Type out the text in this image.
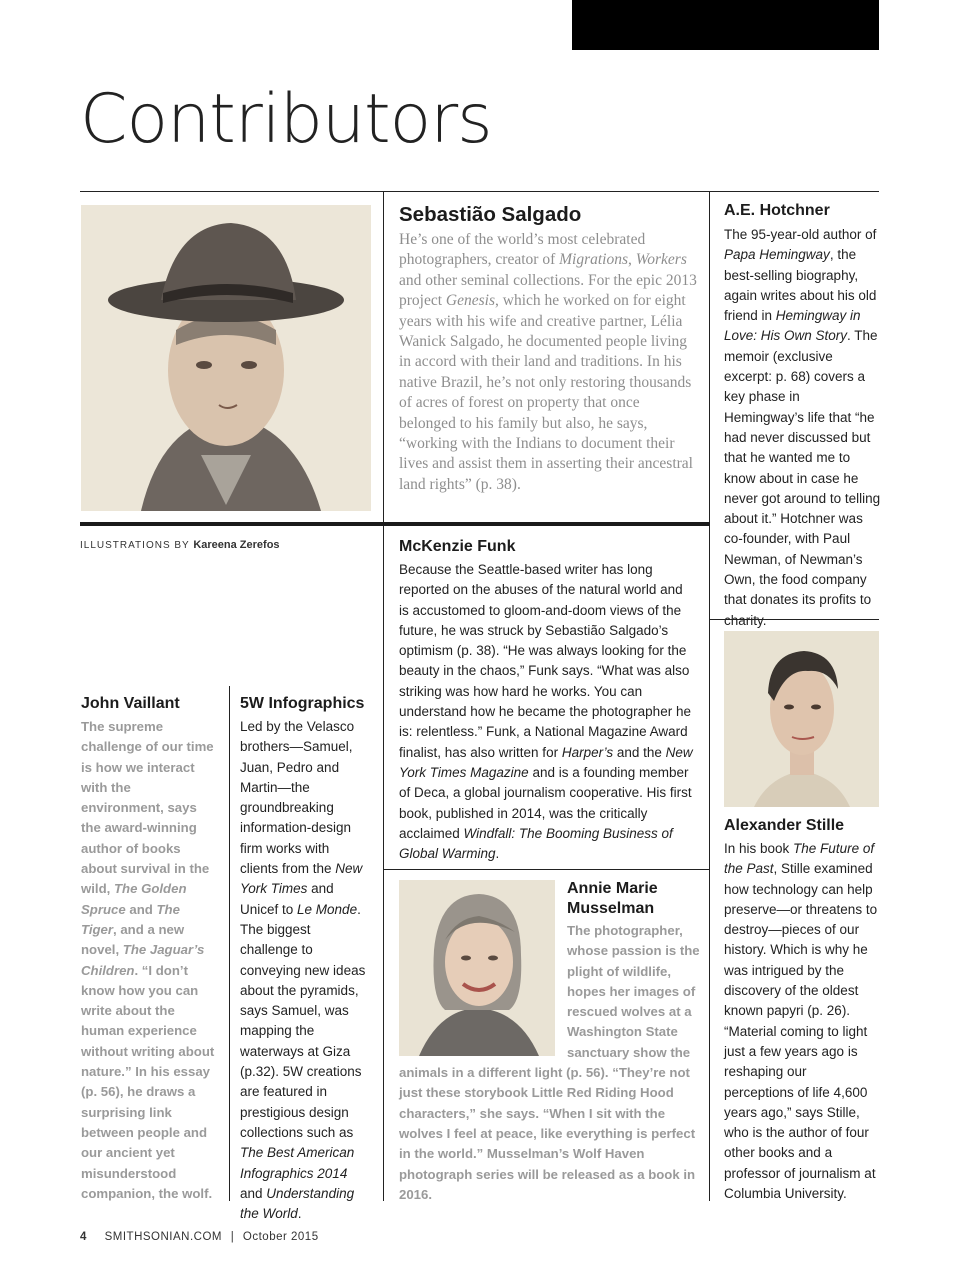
Contributors
ILLUSTRATIONS BY Kareena Zerefos
Sebastião Salgado
He’s one of the world’s most celebrated photographers, creator of Migrations, Workers and other seminal collections. For the epic 2013 project Genesis, which he worked on for eight years with his wife and creative partner, Lélia Wanick Salgado, he documented people living in accord with their land and traditions. In his native Brazil, he’s not only restoring thousands of acres of forest on property that once belonged to his family but also, he says, “working with the Indians to document their lives and assist them in asserting their ancestral land rights” (p. 38).
A.E. Hotchner
The 95-year-old author of Papa Hemingway, the best-selling biography, again writes about his old friend in Hemingway in Love: His Own Story. The memoir (exclusive excerpt: p. 68) covers a key phase in Hemingway’s life that “he had never discussed but that he wanted me to know about in case he never got around to telling about it.” Hotchner was co-founder, with Paul Newman, of Newman’s Own, the food company that donates its profits to charity.
McKenzie Funk
Because the Seattle-based writer has long reported on the abuses of the natural world and is accustomed to gloom-and-doom views of the future, he was struck by Sebastião Salgado’s optimism (p. 38). “He was always looking for the beauty in the chaos,” Funk says. “What was also striking was how hard he works. You can understand how he became the photographer he is: relentless.” Funk, a National Magazine Award finalist, has also written for Harper’s and the New York Times Magazine and is a founding member of Deca, a global journalism cooperative. His first book, published in 2014, was the critically acclaimed Windfall: The Booming Business of Global Warming.
John Vaillant
The supreme challenge of our time is how we interact with the environment, says the award-winning author of books about survival in the wild, The Golden Spruce and The Tiger, and a new novel, The Jaguar’s Children. “I don’t know how you can write about the human experience without writing about nature.” In his essay (p. 56), he draws a surprising link between people and our ancient yet misunderstood companion, the wolf.
5W Infographics
Led by the Velasco brothers—Samuel, Juan, Pedro and Martin—the groundbreaking information-design firm works with clients from the New York Times and Unicef to Le Monde. The biggest challenge to conveying new ideas about the pyramids, says Samuel, was mapping the waterways at Giza (p.32). 5W creations are featured in prestigious design collections such as The Best American Infographics 2014 and Understanding the World.
Annie Marie Musselman
The photographer, whose passion is the plight of wildlife, hopes her images of rescued wolves at a Washington State sanctuary show the animals in a different light (p. 56). “They’re not just these storybook Little Red Riding Hood characters,” she says. “When I sit with the wolves I feel at peace, like everything is perfect in the world.” Musselman’s Wolf Haven photograph series will be released as a book in 2016.
Alexander Stille
In his book The Future of the Past, Stille examined how technology can help preserve—or threatens to destroy—pieces of our history. Which is why he was intrigued by the discovery of the oldest known papyri (p. 26). “Material coming to light just a few years ago is reshaping our perceptions of life 4,600 years ago,” says Stille, who is the author of four other books and a professor of journalism at Columbia University.
4 SMITHSONIAN.COM | October 2015
